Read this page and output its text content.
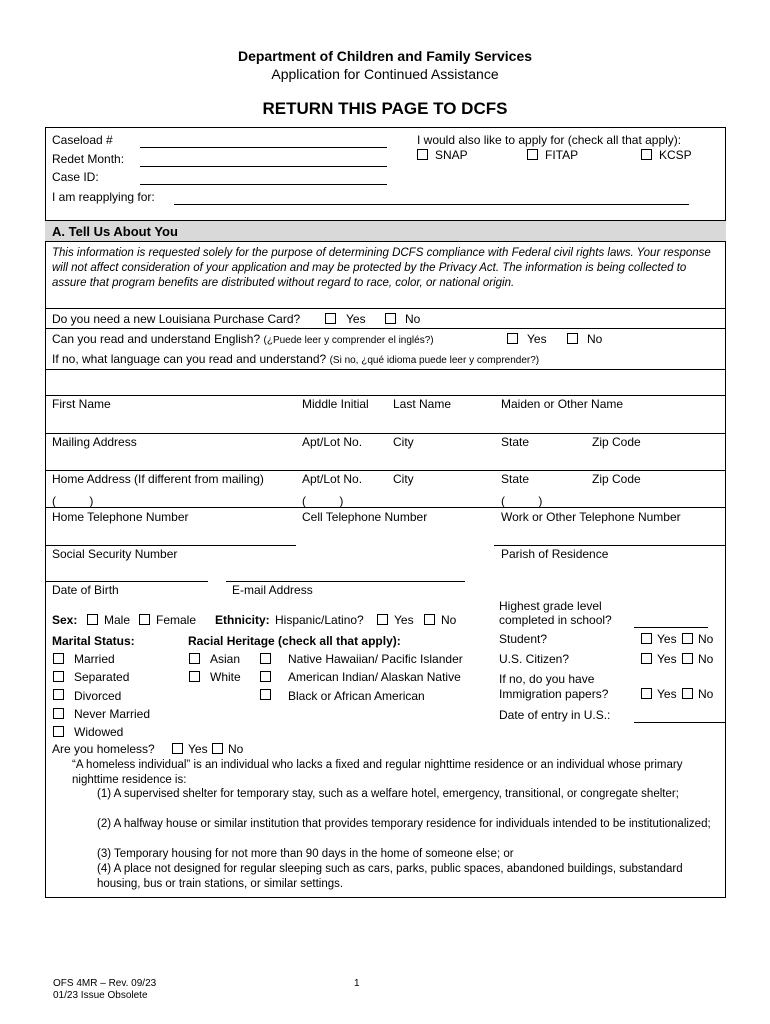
Department of Children and Family Services
Application for Continued Assistance
RETURN THIS PAGE TO DCFS
Caseload #
Redet Month:
Case ID:
I am reapplying for:
I would also like to apply for (check all that apply):
SNAP	FITAP	KCSP
A. Tell Us About You
This information is requested solely for the purpose of determining DCFS compliance with Federal civil rights laws. Your response will not affect consideration of your application and may be protected by the Privacy Act. The information is being collected to assure that program benefits are distributed without regard to race, color, or national origin.
Do you need a new Louisiana Purchase Card?	Yes	No
Can you read and understand English? (¿Puede leer y comprender el inglés?)	Yes	No
If no, what language can you read and understand? (Si no, ¿qué idioma puede leer y comprender?)
First Name	Middle Initial Last Name	Maiden or Other Name
Mailing Address	Apt/Lot No.	City	State	Zip Code
Home Address (If different from mailing)	Apt/Lot No.	City	State	Zip Code
(          )	(          )	(          )
Home Telephone Number	Cell Telephone Number	Work or Other Telephone Number
Social Security Number	Parish of Residence
Date of Birth	E-mail Address
Sex: Male Female Ethnicity: Hispanic/Latino?	Yes No
Marital Status:
Married
Separated
Divorced
Never Married
Widowed
Racial Heritage (check all that apply):
Asian
White
Native Hawaiian/ Pacific Islander
American Indian/ Alaskan Native
Black or African American
Highest grade level
completed in school?
Student?	Yes No
U.S. Citizen?	Yes No
If no, do you have
Immigration papers?	Yes No
Date of entry in U.S.:
Are you homeless?	Yes No
“A homeless individual” is an individual who lacks a fixed and regular nighttime residence or an individual whose primary nighttime residence is:
(1) A supervised shelter for temporary stay, such as a welfare hotel, emergency, transitional, or congregate shelter;
(2) A halfway house or similar institution that provides temporary residence for individuals intended to be institutionalized;
(3) Temporary housing for not more than 90 days in the home of someone else; or
(4) A place not designed for regular sleeping such as cars, parks, public spaces, abandoned buildings, substandard housing, bus or train stations, or similar settings.
OFS 4MR – Rev. 09/23
01/23 Issue Obsolete
1
